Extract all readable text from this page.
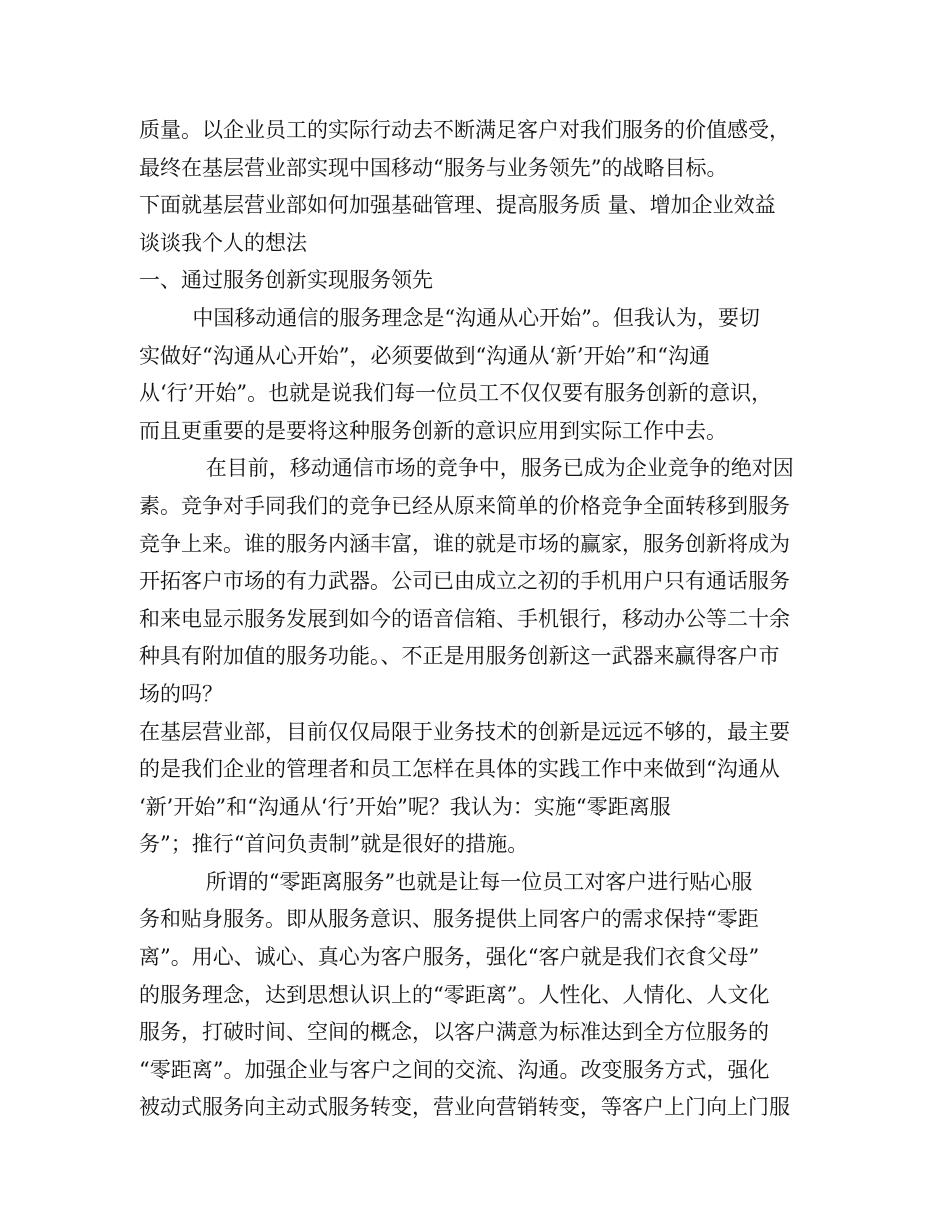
质量。以企业员工的实际行动去不断满足客户对我们服务的价值感受，
最终在基层营业部实现中国移动“服务与业务领先”的战略目标。

下面就基层营业部如何加强基础管理、提高服务质 量、增加企业效益
谈谈我个人的想法

一、通过服务创新实现服务领先

中国移动通信的服务理念是“沟通从心开始”。但我认为，要切
实做好“沟通从心开始”，必须要做到“沟通从‘新’开始”和“沟通
从‘行’开始”。也就是说我们每一位员工不仅仅要有服务创新的意识，
而且更重要的是要将这种服务创新的意识应用到实际工作中去。

在目前，移动通信市场的竞争中，服务已成为企业竞争的绝对因
素。竞争对手同我们的竞争已经从原来简单的价格竞争全面转移到服务
竞争上来。谁的服务内涵丰富，谁的就是市场的赢家，服务创新将成为
开拓客户市场的有力武器。公司已由成立之初的手机用户只有通话服务
和来电显示服务发展到如今的语音信箱、手机银行，移动办公等二十余
种具有附加值的服务功能。、不正是用服务创新这一武器来赢得客户市
场的吗？

在基层营业部，目前仅仅局限于业务技术的创新是远远不够的，最主要
的是我们企业的管理者和员工怎样在具体的实践工作中来做到“沟通从
‘新’开始”和“沟通从‘行’开始”呢？我认为：实施“零距离服
务”；推行“首问负责制”就是很好的措施。

所谓的“零距离服务”也就是让每一位员工对客户进行贴心服
务和贴身服务。即从服务意识、服务提供上同客户的需求保持“零距
离”。用心、诚心、真心为客户服务，强化“客户就是我们衣食父母”
的服务理念，达到思想认识上的“零距离”。人性化、人情化、人文化
服务，打破时间、空间的概念，以客户满意为标准达到全方位服务的
“零距离”。加强企业与客户之间的交流、沟通。改变服务方式，强化
被动式服务向主动式服务转变，营业向营销转变，等客户上门向上门服
